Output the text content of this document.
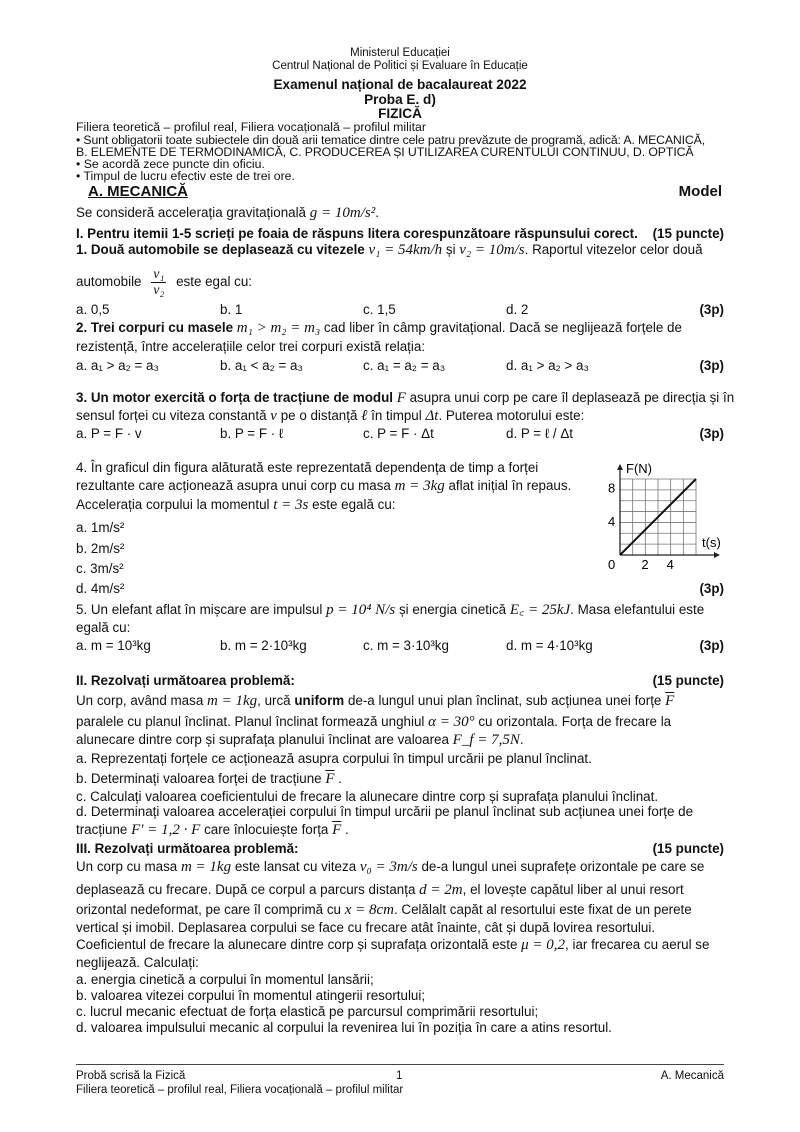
Ministerul Educației
Centrul Național de Politici și Evaluare în Educație
Examenul național de bacalaureat 2022
Proba E. d)
FIZICĂ
Filiera teoretică – profilul real, Filiera vocațională – profilul militar
• Sunt obligatorii toate subiectele din două arii tematice dintre cele patru prevăzute de programă, adică: A. MECANICĂ,
B. ELEMENTE DE TERMODINAMICĂ, C. PRODUCEREA ȘI UTILIZAREA CURENTULUI CONTINUU, D. OPTICĂ
• Se acordă zece puncte din oficiu.
• Timpul de lucru efectiv este de trei ore.
A. MECANICĂ	Model
Se consideră accelerația gravitațională g = 10m/s².
I. Pentru itemii 1-5 scrieți pe foaia de răspuns litera corespunzătoare răspunsului corect.	(15 puncte)
1. Două automobile se deplasează cu vitezele v₁ = 54km/h și v₂ = 10m/s. Raportul vitezelor celor două
automobile $\frac{\text{v₁}}{\text{v₂}}$ este egal cu:
a. 0,5	b. 1	c. 1,5	d. 2	(3p)
2. Trei corpuri cu masele m₁ > m₂ = m₃ cad liber în câmp gravitațional. Dacă se neglijează forțele de
rezistență, între accelerațiile celor trei corpuri există relația:
a. a₁ > a₂ = a₃	b. a₁ < a₂ = a₃	c. a₁ = a₂ = a₃	d. a₁ > a₂ > a₃	(3p)
3. Un motor exercită o forța de tracțiune de modul F asupra unui corp pe care îl deplasează pe direcția și în
sensul forței cu viteza constantă v pe o distanță ℓ în timpul Δt. Puterea motorului este:
a. P = F · v	b. P = F · ℓ	c. P = F · Δt	d. P = ℓ / Δt	(3p)
4. În graficul din figura alăturată este reprezentată dependența de timp a forței
rezultante care acționează asupra unui corp cu masa m = 3kg aflat inițial în repaus.
Accelerația corpului la momentul t = 3s este egală cu:
a. 1m/s²
b. 2m/s²
c. 3m/s²
d. 4m/s²	(3p)
F(N)
t(s)
0 2 4
4
8
5. Un elefant aflat în mișcare are impulsul p = 10⁴ N/s și energia cinetică E꜀ = 25kJ. Masa elefantului este
egală cu:
a. m = 10³kg	b. m = 2·10³kg	c. m = 3·10³kg	d. m = 4·10³kg	(3p)
II. Rezolvați următoarea problemă:	(15 puncte)
Un corp, având masa m = 1kg, urcă uniform de-a lungul unui plan înclinat, sub acțiunea unei forțe $\overline{F}$
paralele cu planul înclinat. Planul înclinat formează unghiul α = 30° cu orizontala. Forța de frecare la
alunecare dintre corp și suprafața planului înclinat are valoarea F_f = 7,5N.
a. Reprezentați forțele ce acționează asupra corpului în timpul urcării pe planul înclinat.
b. Determinați valoarea forței de tracțiune $\overline{F}$ .
c. Calculați valoarea coeficientului de frecare la alunecare dintre corp și suprafața planului înclinat.
d. Determinați valoarea accelerației corpului în timpul urcării pe planul înclinat sub acțiunea unei forțe de
tracțiune F′ = 1,2 · F care înlocuiește forța $\overline{F}$ .
III. Rezolvați următoarea problemă:	(15 puncte)
Un corp cu masa m = 1kg este lansat cu viteza v₀ = 3m/s de-a lungul unei suprafețe orizontale pe care se
deplasează cu frecare. După ce corpul a parcurs distanța d = 2m, el lovește capătul liber al unui resort
orizontal nedeformat, pe care îl comprimă cu x = 8cm. Celălalt capăt al resortului este fixat de un perete
vertical și imobil. Deplasarea corpului se face cu frecare atât înainte, cât și după lovirea resortului.
Coeficientul de frecare la alunecare dintre corp și suprafața orizontală este μ = 0,2, iar frecarea cu aerul se
neglijează. Calculați:
a. energia cinetică a corpului în momentul lansării;
b. valoarea vitezei corpului în momentul atingerii resortului;
c. lucrul mecanic efectuat de forța elastică pe parcursul comprimării resortului;
d. valoarea impulsului mecanic al corpului la revenirea lui în poziția în care a atins resortul.
Probă scrisă la Fizică	1	A. Mecanică
Filiera teoretică – profilul real, Filiera vocațională – profilul militar
